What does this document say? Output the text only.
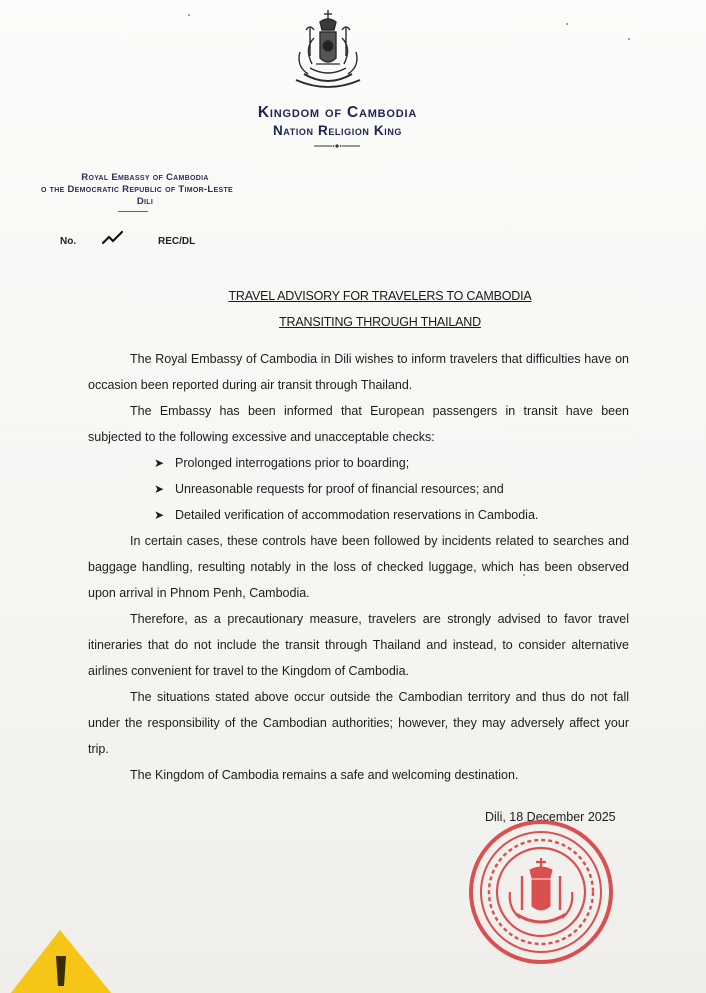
Kingdom of Cambodia
Nation Religion King
Royal Embassy of Cambodia
o the Democratic Republic of Timor-Leste
Dili
No.	REC/DL
TRAVEL ADVISORY FOR TRAVELERS TO CAMBODIA
TRANSITING THROUGH THAILAND

The Royal Embassy of Cambodia in Dili wishes to inform travelers that difficulties have on occasion been reported during air transit through Thailand.

The Embassy has been informed that European passengers in transit have been subjected to the following excessive and unacceptable checks:

➤ Prolonged interrogations prior to boarding;
➤ Unreasonable requests for proof of financial resources; and
➤ Detailed verification of accommodation reservations in Cambodia.

In certain cases, these controls have been followed by incidents related to searches and baggage handling, resulting notably in the loss of checked luggage, which has been observed upon arrival in Phnom Penh, Cambodia.

Therefore, as a precautionary measure, travelers are strongly advised to favor travel itineraries that do not include the transit through Thailand and instead, to consider alternative airlines convenient for travel to the Kingdom of Cambodia.

The situations stated above occur outside the Cambodian territory and thus do not fall under the responsibility of the Cambodian authorities; however, they may adversely affect your trip.

The Kingdom of Cambodia remains a safe and welcoming destination.

Dili, 18 December 2025
